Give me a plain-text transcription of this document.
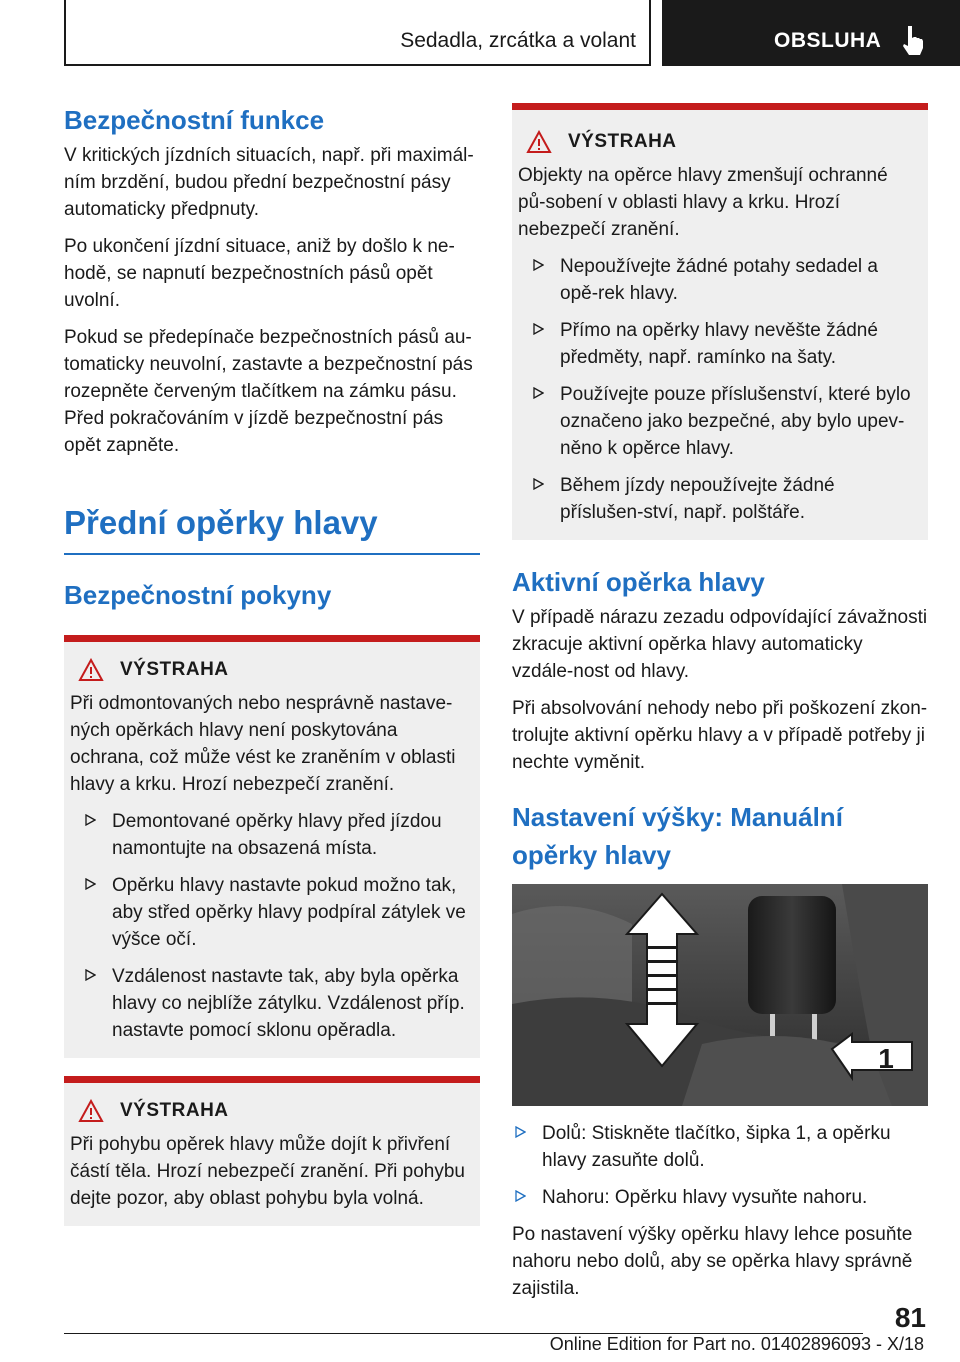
Sedadla, zrcátka a volant	OBSLUHA
Bezpečnostní funkce

V kritických jízdních situacích, např. při maximál-ním brzdění, budou přední bezpečnostní pásy automaticky předpnuty.

Po ukončení jízdní situace, aniž by došlo k ne-hodě, se napnutí bezpečnostních pásů opět uvolní.

Pokud se předepínače bezpečnostních pásů au-tomaticky neuvolní, zastavte a bezpečnostní pás rozepněte červeným tlačítkem na zámku pásu. Před pokračováním v jízdě bezpečnostní pás opět zapněte.

Přední opěrky hlavy
Bezpečnostní pokyny
VÝSTRAHA

Při odmontovaných nebo nesprávně nastave-ných opěrkách hlavy není poskytována ochrana, což může vést ke zraněním v oblasti hlavy a krku. Hrozí nebezpečí zranění.

Demontované opěrky hlavy před jízdou namontujte na obsazená místa.
Opěrku hlavy nastavte pokud možno tak, aby střed opěrky hlavy podpíral zátylek ve výšce očí.
Vzdálenost nastavte tak, aby byla opěrka hlavy co nejblíže zátylku. Vzdálenost příp. nastavte pomocí sklonu opěradla.
VÝSTRAHA

Při pohybu opěrek hlavy může dojít k přivření částí těla. Hrozí nebezpečí zranění. Při pohybu dejte pozor, aby oblast pohybu byla volná.

VÝSTRAHA

Objekty na opěrce hlavy zmenšují ochranné pů-sobení v oblasti hlavy a krku. Hrozí nebezpečí zranění.

Nepoužívejte žádné potahy sedadel a opě-rek hlavy.
Přímo na opěrky hlavy nevěšte žádné předměty, např. ramínko na šaty.
Používejte pouze příslušenství, které bylo označeno jako bezpečné, aby bylo upev-něno k opěrce hlavy.
Během jízdy nepoužívejte žádné příslušen-ství, např. polštáře.
Aktivní opěrka hlavy

V případě nárazu zezadu odpovídající závažnosti zkracuje aktivní opěrka hlavy automaticky vzdále-nost od hlavy.

Při absolvování nehody nebo při poškození zkon-trolujte aktivní opěrku hlavy a v případě potřeby ji nechte vyměnit.

Nastavení výšky: Manuální opěrky hlavy
1
Dolů: Stiskněte tlačítko, šipka 1, a opěrku hlavy zasuňte dolů.
Nahoru: Opěrku hlavy vysuňte nahoru.

Po nastavení výšky opěrku hlavy lehce posuňte nahoru nebo dolů, aby se opěrka hlavy správně zajistila.

81
Online Edition for Part no. 01402896093 - X/18
